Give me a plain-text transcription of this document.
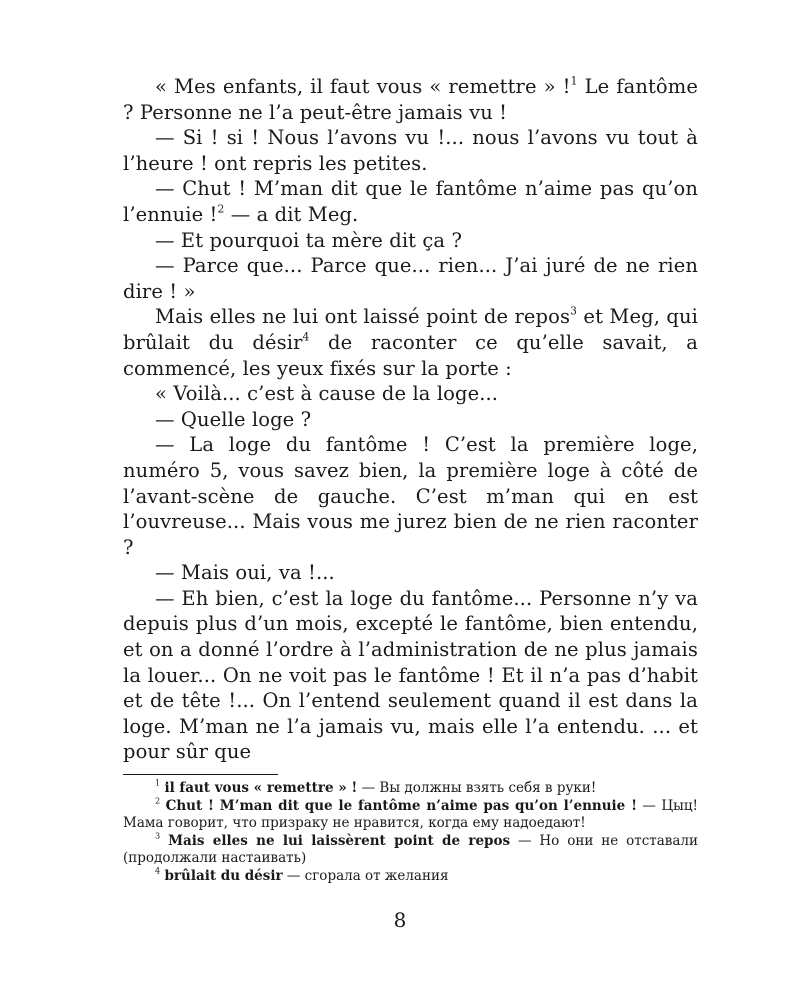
« Mes enfants, il faut vous « remettre » !$^1$ Le fantôme ? Personne ne l’a peut-être jamais vu !

— Si ! si ! Nous l’avons vu !... nous l’avons vu tout à l’heure ! ont repris les petites.

— Chut ! M’man dit que le fantôme n’aime pas qu’on l’ennuie !$^2$ — a dit Meg.

— Et pourquoi ta mère dit ça ?

— Parce que... Parce que... rien... J’ai juré de ne rien dire ! »

Mais elles ne lui ont laissé point de repos$^3$ et Meg, qui brûlait du désir$^4$ de raconter ce qu’elle savait, a commencé, les yeux fixés sur la porte :

« Voilà... c’est à cause de la loge...

— Quelle loge ?

— La loge du fantôme ! C’est la première loge, numéro 5, vous savez bien, la première loge à côté de l’avant-scène de gauche. C’est m’man qui en est l’ouvreuse... Mais vous me jurez bien de ne rien raconter ?

— Mais oui, va !...

— Eh bien, c’est la loge du fantôme... Personne n’y va depuis plus d’un mois, excepté le fantôme, bien entendu, et on a donné l’ordre à l’administration de ne plus jamais la louer... On ne voit pas le fantôme ! Et il n’a pas d’habit et de tête !... On l’entend seulement quand il est dans la loge. M’man ne l’a jamais vu, mais elle l’a entendu. ... et pour sûr que

$^1$ il faut vous « remettre » ! — Вы должны взять себя в руки!

$^2$ Chut ! M’man dit que le fantôme n’aime pas qu’on l’ennuie ! — Цыц! Мама говорит, что призраку не нравится, когда ему надоедают!

$^3$ Mais elles ne lui laissèrent point de repos — Но они не отставали (продолжали настаивать)

$^4$ brûlait du désir — сгорала от желания

8
